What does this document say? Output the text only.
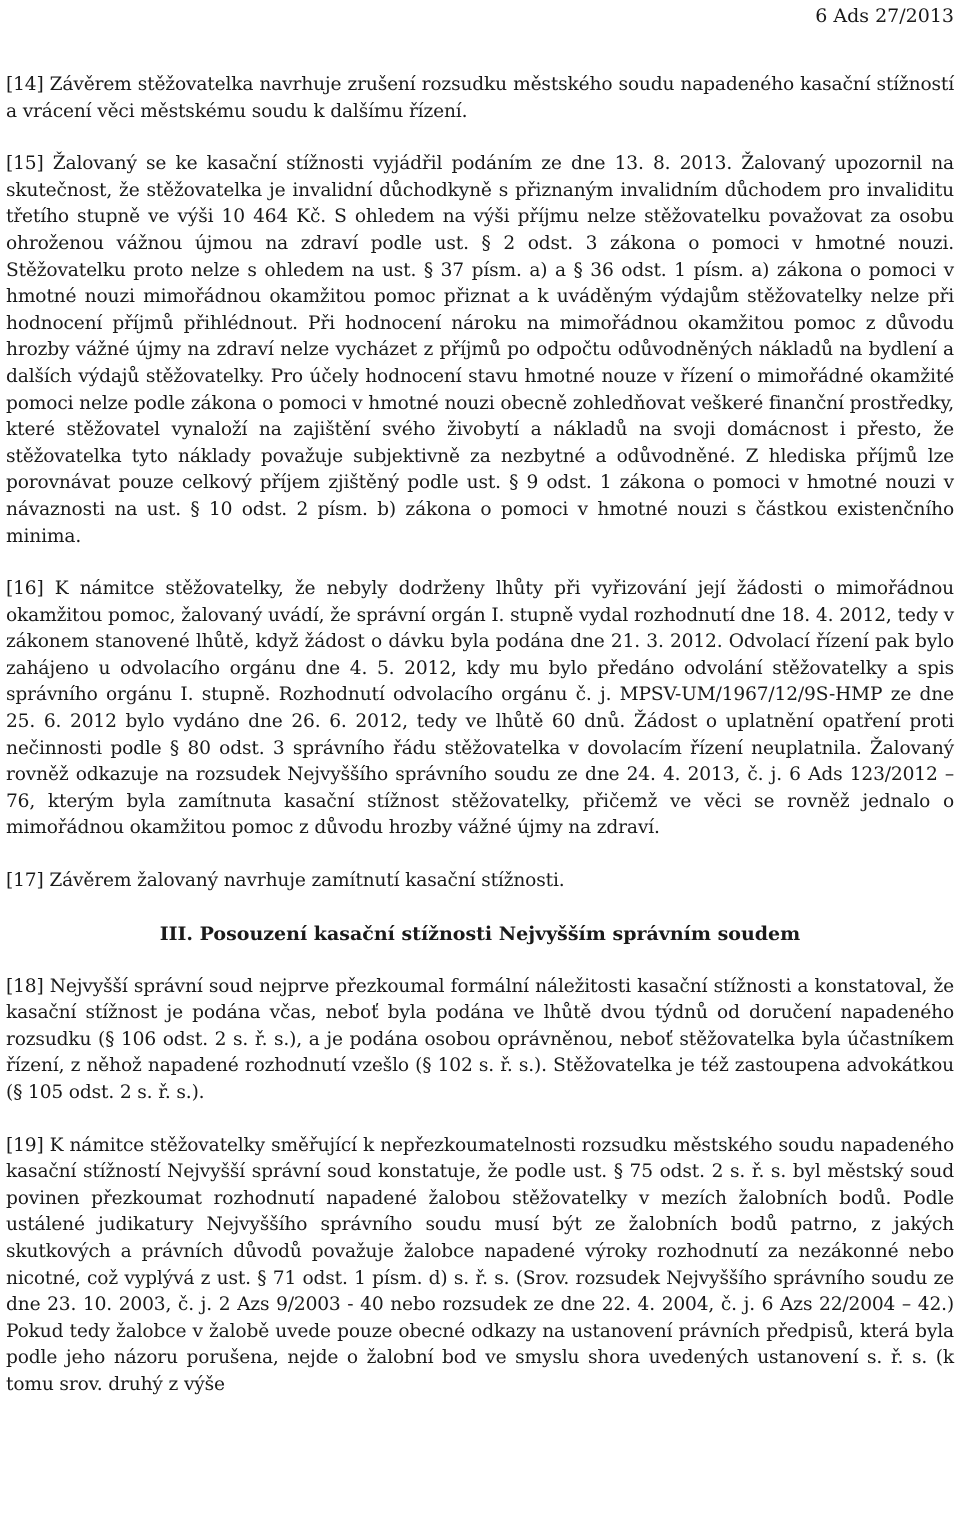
6 Ads 27/2013

[14] Závěrem stěžovatelka navrhuje zrušení rozsudku městského soudu napadeného kasační stížností a vrácení věci městskému soudu k dalšímu řízení.

[15] Žalovaný se ke kasační stížnosti vyjádřil podáním ze dne 13. 8. 2013. Žalovaný upozornil na skutečnost, že stěžovatelka je invalidní důchodkyně s přiznaným invalidním důchodem pro invaliditu třetího stupně ve výši 10 464 Kč. S ohledem na výši příjmu nelze stěžovatelku považovat za osobu ohroženou vážnou újmou na zdraví podle ust. § 2 odst. 3 zákona o pomoci v hmotné nouzi. Stěžovatelku proto nelze s ohledem na ust. § 37 písm. a) a § 36 odst. 1 písm. a) zákona o pomoci v hmotné nouzi mimořádnou okamžitou pomoc přiznat a k uváděným výdajům stěžovatelky nelze při hodnocení příjmů přihlédnout. Při hodnocení nároku na mimořádnou okamžitou pomoc z důvodu hrozby vážné újmy na zdraví nelze vycházet z příjmů po odpočtu odůvodněných nákladů na bydlení a dalších výdajů stěžovatelky. Pro účely hodnocení stavu hmotné nouze v řízení o mimořádné okamžité pomoci nelze podle zákona o pomoci v hmotné nouzi obecně zohledňovat veškeré finanční prostředky, které stěžovatel vynaloží na zajištění svého živobytí a nákladů na svoji domácnost i přesto, že stěžovatelka tyto náklady považuje subjektivně za nezbytné a odůvodněné. Z hlediska příjmů lze porovnávat pouze celkový příjem zjištěný podle ust. § 9 odst. 1 zákona o pomoci v hmotné nouzi v návaznosti na ust. § 10 odst. 2 písm. b) zákona o pomoci v hmotné nouzi s částkou existenčního minima.

[16] K námitce stěžovatelky, že nebyly dodrženy lhůty při vyřizování její žádosti o mimořádnou okamžitou pomoc, žalovaný uvádí, že správní orgán I. stupně vydal rozhodnutí dne 18. 4. 2012, tedy v zákonem stanovené lhůtě, když žádost o dávku byla podána dne 21. 3. 2012. Odvolací řízení pak bylo zahájeno u odvolacího orgánu dne 4. 5. 2012, kdy mu bylo předáno odvolání stěžovatelky a spis správního orgánu I. stupně. Rozhodnutí odvolacího orgánu č. j. MPSV-UM/1967/12/9S-HMP ze dne 25. 6. 2012 bylo vydáno dne 26. 6. 2012, tedy ve lhůtě 60 dnů. Žádost o uplatnění opatření proti nečinnosti podle § 80 odst. 3 správního řádu stěžovatelka v dovolacím řízení neuplatnila. Žalovaný rovněž odkazuje na rozsudek Nejvyššího správního soudu ze dne 24. 4. 2013, č. j. 6 Ads 123/2012 – 76, kterým byla zamítnuta kasační stížnost stěžovatelky, přičemž ve věci se rovněž jednalo o mimořádnou okamžitou pomoc z důvodu hrozby vážné újmy na zdraví.

[17] Závěrem žalovaný navrhuje zamítnutí kasační stížnosti.

III. Posouzení kasační stížnosti Nejvyšším správním soudem

[18] Nejvyšší správní soud nejprve přezkoumal formální náležitosti kasační stížnosti a konstatoval, že kasační stížnost je podána včas, neboť byla podána ve lhůtě dvou týdnů od doručení napadeného rozsudku (§ 106 odst. 2 s. ř. s.), a je podána osobou oprávněnou, neboť stěžovatelka byla účastníkem řízení, z něhož napadené rozhodnutí vzešlo (§ 102 s. ř. s.). Stěžovatelka je též zastoupena advokátkou (§ 105 odst. 2 s. ř. s.).

[19] K námitce stěžovatelky směřující k nepřezkoumatelnosti rozsudku městského soudu napadeného kasační stížností Nejvyšší správní soud konstatuje, že podle ust. § 75 odst. 2 s. ř. s. byl městský soud povinen přezkoumat rozhodnutí napadené žalobou stěžovatelky v mezích žalobních bodů. Podle ustálené judikatury Nejvyššího správního soudu musí být ze žalobních bodů patrno, z jakých skutkových a právních důvodů považuje žalobce napadené výroky rozhodnutí za nezákonné nebo nicotné, což vyplývá z ust. § 71 odst. 1 písm. d) s. ř. s. (Srov. rozsudek Nejvyššího správního soudu ze dne 23. 10. 2003, č. j. 2 Azs 9/2003 - 40 nebo rozsudek ze dne 22. 4. 2004, č. j. 6 Azs 22/2004 – 42.) Pokud tedy žalobce v žalobě uvede pouze obecné odkazy na ustanovení právních předpisů, která byla podle jeho názoru porušena, nejde o žalobní bod ve smyslu shora uvedených ustanovení s. ř. s. (k tomu srov. druhý z výše
